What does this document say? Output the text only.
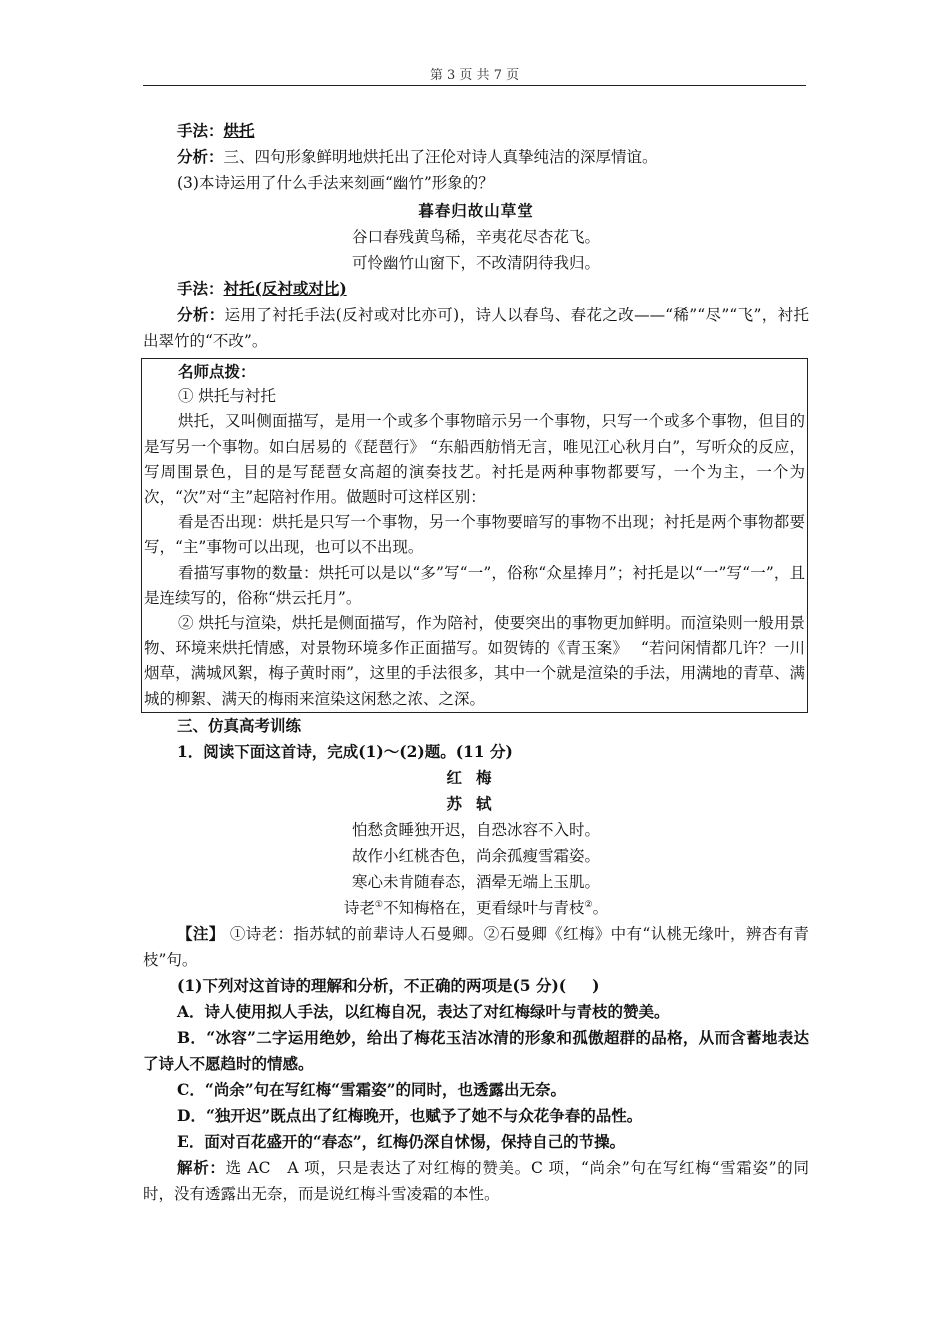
第 3 页 共 7 页

手法：烘托

分析：三、四句形象鲜明地烘托出了汪伦对诗人真挚纯洁的深厚情谊。

(3)本诗运用了什么手法来刻画“幽竹”形象的？

暮春归故山草堂

谷口春残黄鸟稀，辛夷花尽杏花飞。

可怜幽竹山窗下，不改清阴待我归。

手法：衬托(反衬或对比)

分析：运用了衬托手法(反衬或对比亦可)，诗人以春鸟、春花之改——“稀”“尽”“飞”，衬托出翠竹的“不改”。

名师点拨：

① 烘托与衬托

烘托，又叫侧面描写，是用一个或多个事物暗示另一个事物，只写一个或多个事物，但目的是写另一个事物。如白居易的《琵琶行》 “东船西舫悄无言，唯见江心秋月白”，写听众的反应，写周围景色，目的是写琵琶女高超的演奏技艺。衬托是两种事物都要写，一个为主，一个为次，“次”对“主”起陪衬作用。做题时可这样区别：

看是否出现：烘托是只写一个事物，另一个事物要暗写的事物不出现；衬托是两个事物都要写，“主”事物可以出现，也可以不出现。

看描写事物的数量：烘托可以是以“多”写“一”，俗称“众星捧月”；衬托是以“一”写“一”，且是连续写的，俗称“烘云托月”。

② 烘托与渲染，烘托是侧面描写，作为陪衬，使要突出的事物更加鲜明。而渲染则一般用景物、环境来烘托情感，对景物环境多作正面描写。如贺铸的《青玉案》　 “若问闲情都几许？一川烟草，满城风絮，梅子黄时雨”，这里的手法很多，其中一个就是渲染的手法，用满地的青草、满城的柳絮、满天的梅雨来渲染这闲愁之浓、之深。

三、仿真高考训练

1．阅读下面这首诗，完成(1)～(2)题。(11 分)

红梅

苏轼

怕愁贪睡独开迟，自恐冰容不入时。

故作小红桃杏色，尚余孤瘦雪霜姿。

寒心未肯随春态，酒晕无端上玉肌。

诗老①不知梅格在，更看绿叶与青枝②。

【注】 ①诗老：指苏轼的前辈诗人石曼卿。②石曼卿《红梅》中有“认桃无缘叶，辨杏有青枝”句。

(1)下列对这首诗的理解和分析，不正确的两项是(5 分)( )

A．诗人使用拟人手法，以红梅自况，表达了对红梅绿叶与青枝的赞美。

B．“冰容”二字运用绝妙，给出了梅花玉洁冰清的形象和孤傲超群的品格，从而含蓄地表达了诗人不愿趋时的情感。

C．“尚余”句在写红梅“雪霜姿”的同时，也透露出无奈。

D．“独开迟”既点出了红梅晚开，也赋予了她不与众花争春的品性。

E．面对百花盛开的“春态”，红梅仍深自怵惕，保持自己的节操。

解析：选 AC　A 项，只是表达了对红梅的赞美。C 项，“尚余”句在写红梅“雪霜姿”的同时，没有透露出无奈，而是说红梅斗雪凌霜的本性。
